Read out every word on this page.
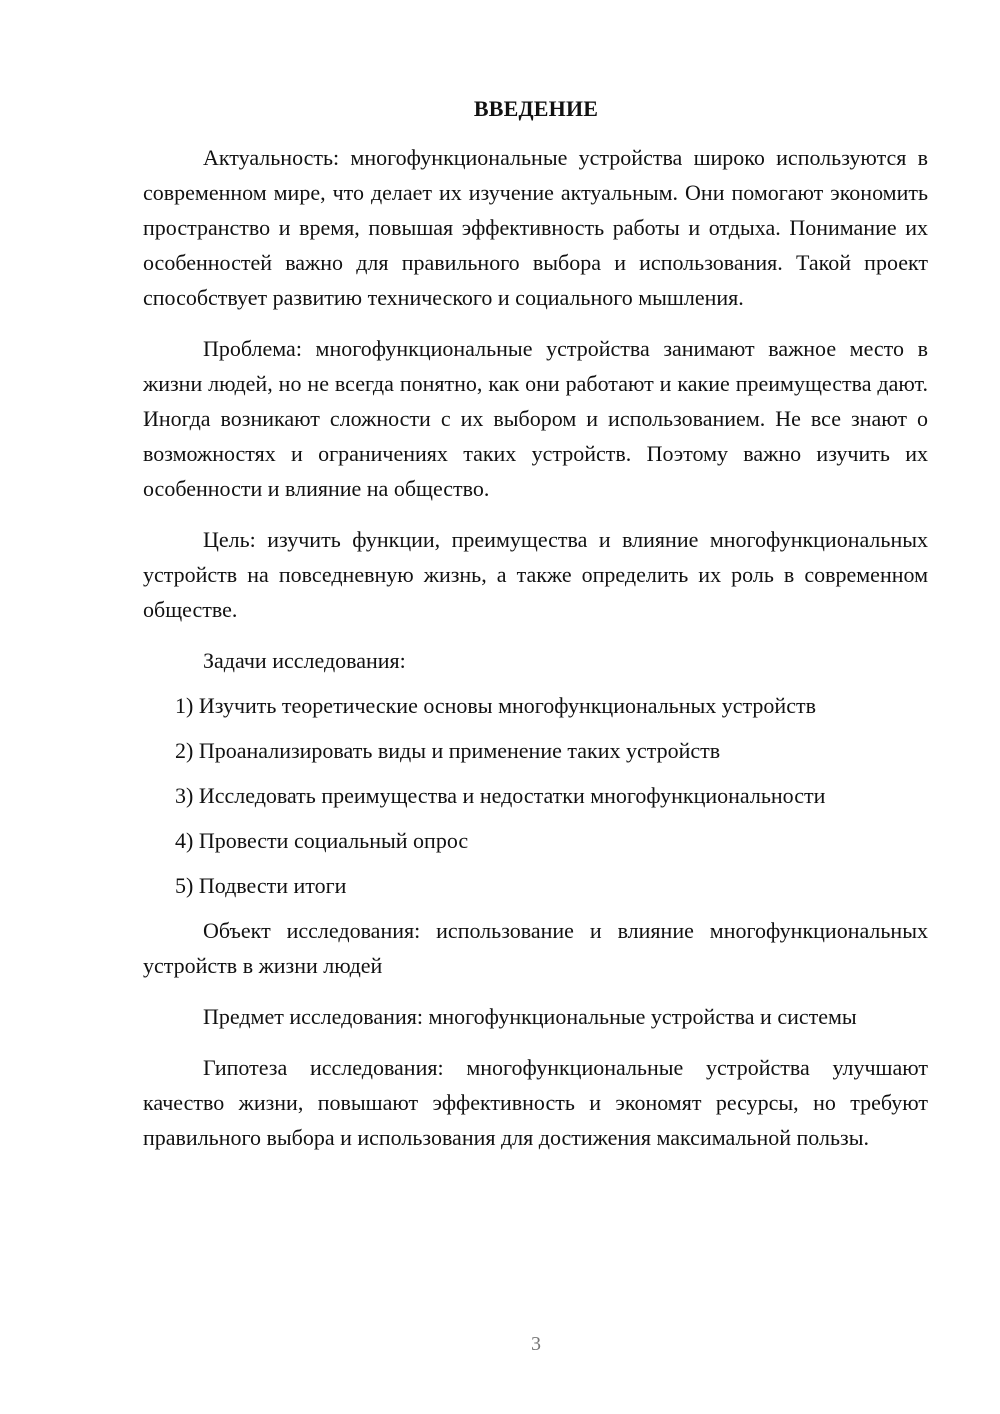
ВВЕДЕНИЕ

Актуальность: многофункциональные устройства широко используются в современном мире, что делает их изучение актуальным. Они помогают экономить пространство и время, повышая эффективность работы и отдыха. Понимание их особенностей важно для правильного выбора и использования. Такой проект способствует развитию технического и социального мышления.

Проблема: многофункциональные устройства занимают важное место в жизни людей, но не всегда понятно, как они работают и какие преимущества дают. Иногда возникают сложности с их выбором и использованием. Не все знают о возможностях и ограничениях таких устройств. Поэтому важно изучить их особенности и влияние на общество.

Цель: изучить функции, преимущества и влияние многофункциональных устройств на повседневную жизнь, а также определить их роль в современном обществе.

Задачи исследования:

1) Изучить теоретические основы многофункциональных устройств
2) Проанализировать виды и применение таких устройств
3) Исследовать преимущества и недостатки многофункциональности
4) Провести социальный опрос
5) Подвести итоги

Объект исследования: использование и влияние многофункциональных устройств в жизни людей

Предмет исследования: многофункциональные устройства и системы

Гипотеза исследования: многофункциональные устройства улучшают качество жизни, повышают эффективность и экономят ресурсы, но требуют правильного выбора и использования для достижения максимальной пользы.

3
